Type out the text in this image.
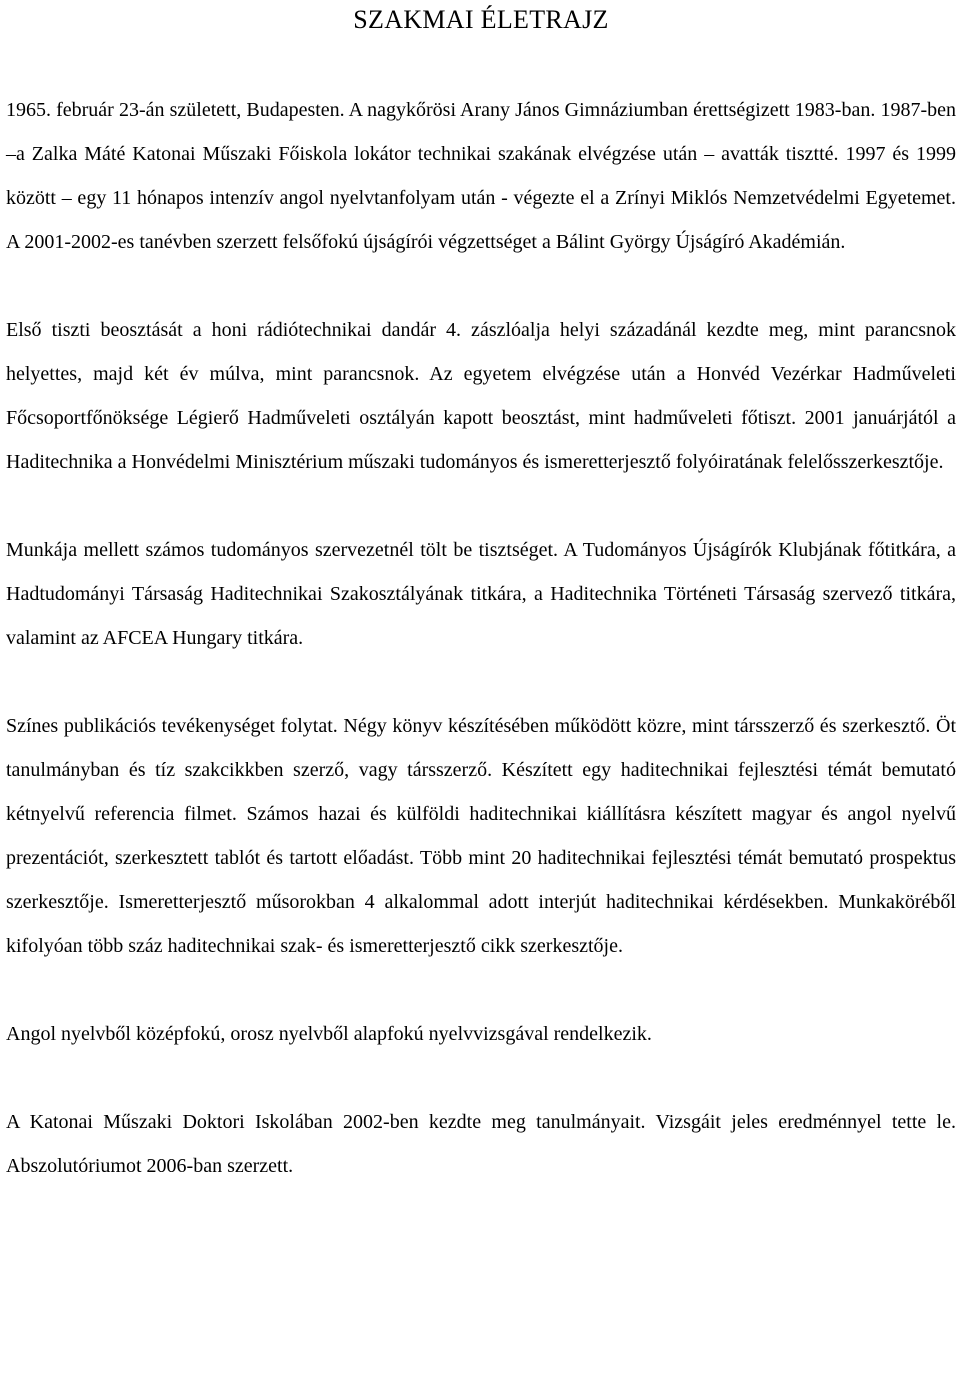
SZAKMAI ÉLETRAJZ

1965. február 23-án született, Budapesten. A nagykőrösi Arany János Gimnáziumban érettségizett 1983-ban. 1987-ben –a Zalka Máté Katonai Műszaki Főiskola lokátor technikai szakának elvégzése után – avatták tisztté. 1997 és 1999 között – egy 11 hónapos intenzív angol nyelvtanfolyam után - végezte el a Zrínyi Miklós Nemzetvédelmi Egyetemet. A 2001-2002-es tanévben szerzett felsőfokú újságírói végzettséget a Bálint György Újságíró Akadémián.

Első tiszti beosztását a honi rádiótechnikai dandár 4. zászlóalja helyi századánál kezdte meg, mint parancsnok helyettes, majd két év múlva, mint parancsnok. Az egyetem elvégzése után a Honvéd Vezérkar Hadműveleti Főcsoportfőnöksége Légierő Hadműveleti osztályán kapott beosztást, mint hadműveleti főtiszt. 2001 januárjától a Haditechnika a Honvédelmi Minisztérium műszaki tudományos és ismeretterjesztő folyóiratának felelősszerkesztője.

Munkája mellett számos tudományos szervezetnél tölt be tisztséget. A Tudományos Újságírók Klubjának főtitkára, a Hadtudományi Társaság Haditechnikai Szakosztályának titkára, a Haditechnika Történeti Társaság szervező titkára, valamint az AFCEA Hungary titkára.

Színes publikációs tevékenységet folytat. Négy könyv készítésében működött közre, mint társszerző és szerkesztő. Öt tanulmányban és tíz szakcikkben szerző, vagy társszerző. Készített egy haditechnikai fejlesztési témát bemutató kétnyelvű referencia filmet. Számos hazai és külföldi haditechnikai kiállításra készített magyar és angol nyelvű prezentációt, szerkesztett tablót és tartott előadást. Több mint 20 haditechnikai fejlesztési témát bemutató prospektus szerkesztője. Ismeretterjesztő műsorokban 4 alkalommal adott interjút haditechnikai kérdésekben. Munkaköréből kifolyóan több száz haditechnikai szak- és ismeretterjesztő cikk szerkesztője.

Angol nyelvből középfokú, orosz nyelvből alapfokú nyelvvizsgával rendelkezik.

A Katonai Műszaki Doktori Iskolában 2002-ben kezdte meg tanulmányait. Vizsgáit jeles eredménnyel tette le. Abszolutóriumot 2006-ban szerzett.
